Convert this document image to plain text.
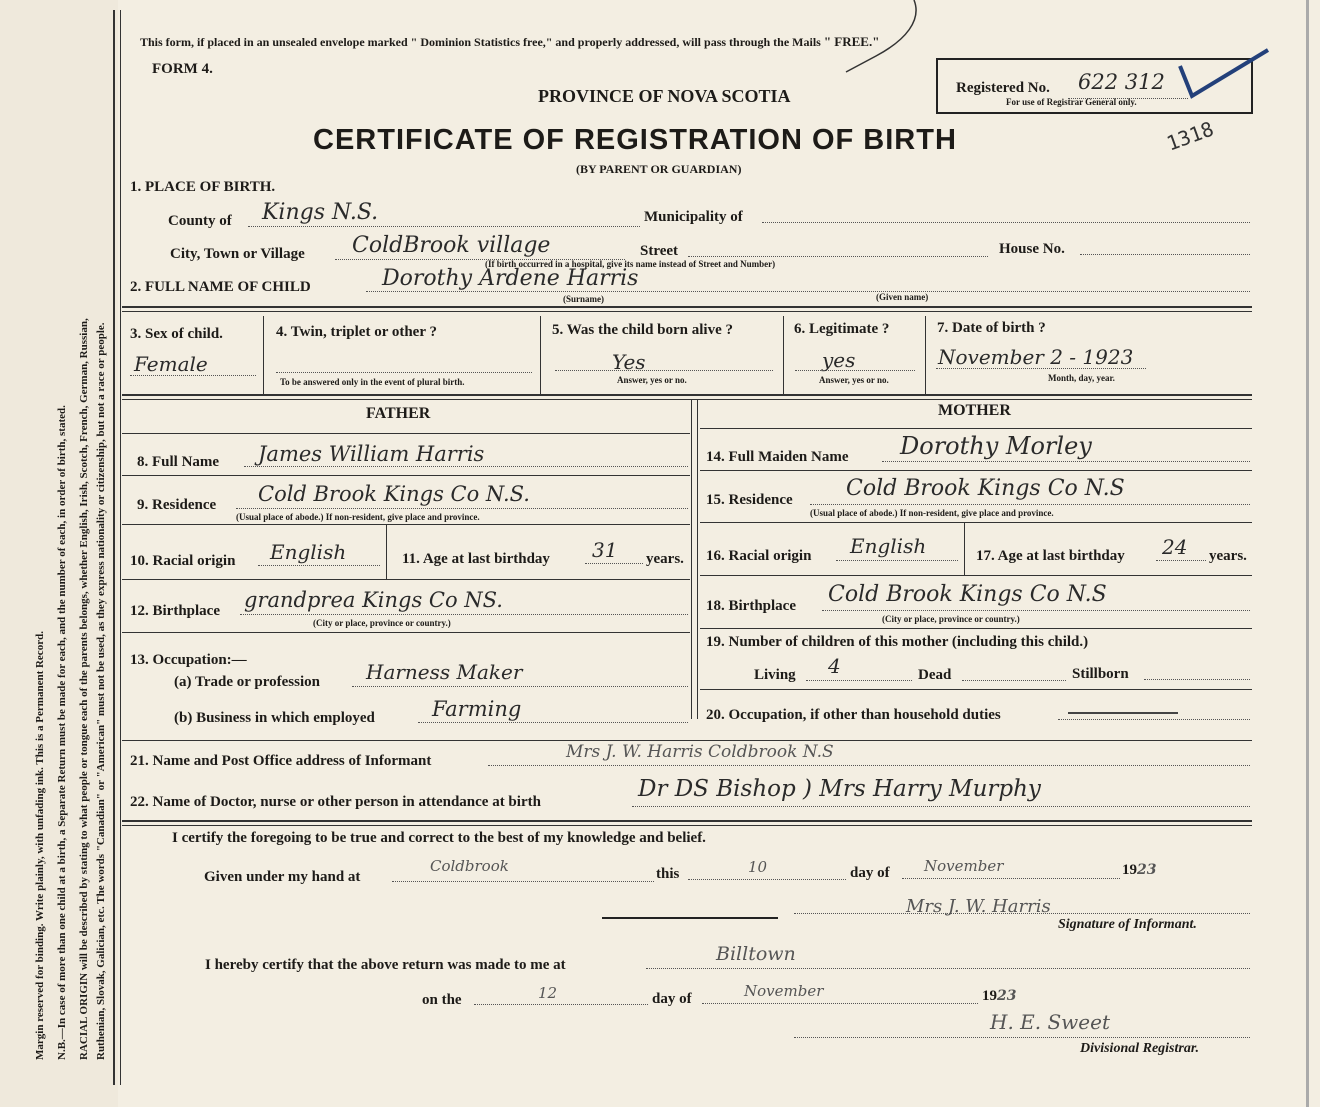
Margin reserved for binding. Write plainly, with unfading ink. This is a Permanent Record. N.B.—In case of more than one child at a birth, a Separate Return must be made for each, and the number of each, in order of birth, stated. RACIAL ORIGIN will be described by stating to what people or tongue each of the parents belongs, whether English, Irish, Scotch, French, German, Russian, Ruthenian, Slovak, Galician, etc. The words "Canadian" or "American" must not be used, as they express nationality or citizenship, but not a race or people.
This form, if placed in an unsealed envelope marked " Dominion Statistics free," and properly addressed, will pass through the Mails " FREE."
FORM 4.
PROVINCE OF NOVA SCOTIA
CERTIFICATE OF REGISTRATION OF BIRTH
(BY PARENT OR GUARDIAN)
Registered No. 622 312
For use of Registrar General only.
1318
1. PLACE OF BIRTH.
County of Kings N.S.	Municipality of
City, Town or Village ColdBrook village	Street
(If birth occurred in a hospital, give its name instead of Street and Number)
House No.
2. FULL NAME OF CHILD	Dorothy Ardene Harris
(Surname)	(Given name)
3. Sex of child.
Female
4. Twin, triplet or other ?
To be answered only in the event of plural birth.
5. Was the child born alive ?
Yes
Answer, yes or no.
6. Legitimate ?
yes
Answer, yes or no.
7. Date of birth ?
November 2 - 1923
Month, day, year.
FATHER	MOTHER
8. Full Name James William Harris
9. Residence Cold Brook Kings Co N.S.
(Usual place of abode.) If non-resident, give place and province.
10. Racial origin English	11. Age at last birthday 31 years.
12. Birthplace grandprea Kings Co NS.
(City or place, province or country.)
13. Occupation:—
(a) Trade or profession Harness Maker
(b) Business in which employed	Farming
14. Full Maiden Name Dorothy Morley
15. Residence Cold Brook Kings Co N.S
(Usual place of abode.) If non-resident, give place and province.
16. Racial origin English	17. Age at last birthday 24 years.
18. Birthplace Cold Brook Kings Co N.S
(City or place, province or country.)
19. Number of children of this mother (including this child.)
Living 4	Dead	Stillborn
20. Occupation, if other than household duties
21. Name and Post Office address of Informant	Mrs J. W. Harris Coldbrook N.S
22. Name of Doctor, nurse or other person in attendance at birth	Dr DS Bishop ) Mrs Harry Murphy
I certify the foregoing to be true and correct to the best of my knowledge and belief.
Given under my hand at
Coldbrook	this	10	day of November	1923
Mrs J. W. Harris
Signature of Informant.
I hereby certify that the above return was made to me at	Billtown
on the	12	day of	November	1923
H. E. Sweet
Divisional Registrar.
